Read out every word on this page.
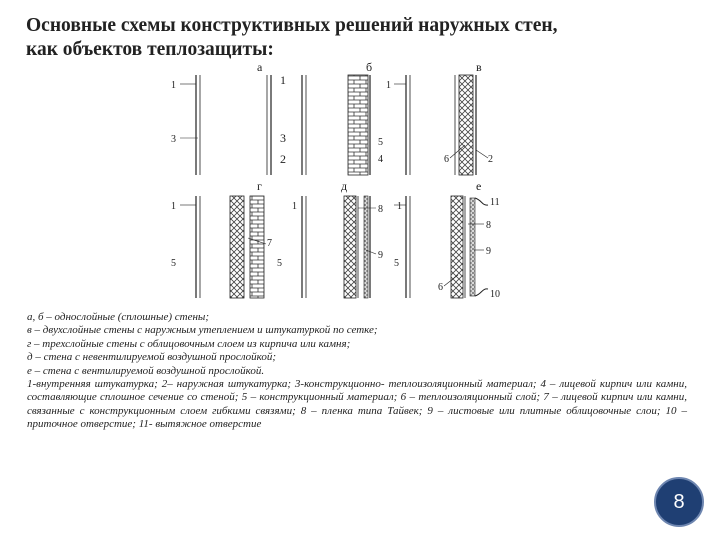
Основные схемы конструктивных решений наружных стен,
как объектов теплозащиты:
а
1
3
1
3
2
б
5
4
в
1
6	2
г
1
5
7
5
д
1	8
9
5
е
1	11
8
9
6
10

а, б – однослойные (сплошные) стены;

в – двухслойные стены с наружным утеплением и штукатуркой по сетке;

г – трехслойные стены с облицовочным слоем из кирпича или камня;

д – стена с невентилируемой воздушной прослойкой;

е – стена с вентилируемой воздушной прослойкой.

1-внутренняя штукатурка; 2– наружная штукатурка; 3-конструкционно- теплоизоляционный материал; 4 – лицевой кирпич или камни, составляющие сплошное сечение со стеной; 5 – конструкционный материал; 6 – теплоизоляционный слой; 7 – лицевой кирпич или камни, связанные с конструкционным слоем гибкими связями; 8 – пленка типа Тайвек; 9 – листовые или плитные облицовочные слои; 10 – приточное отверстие; 11- вытяжное отверстие

8
